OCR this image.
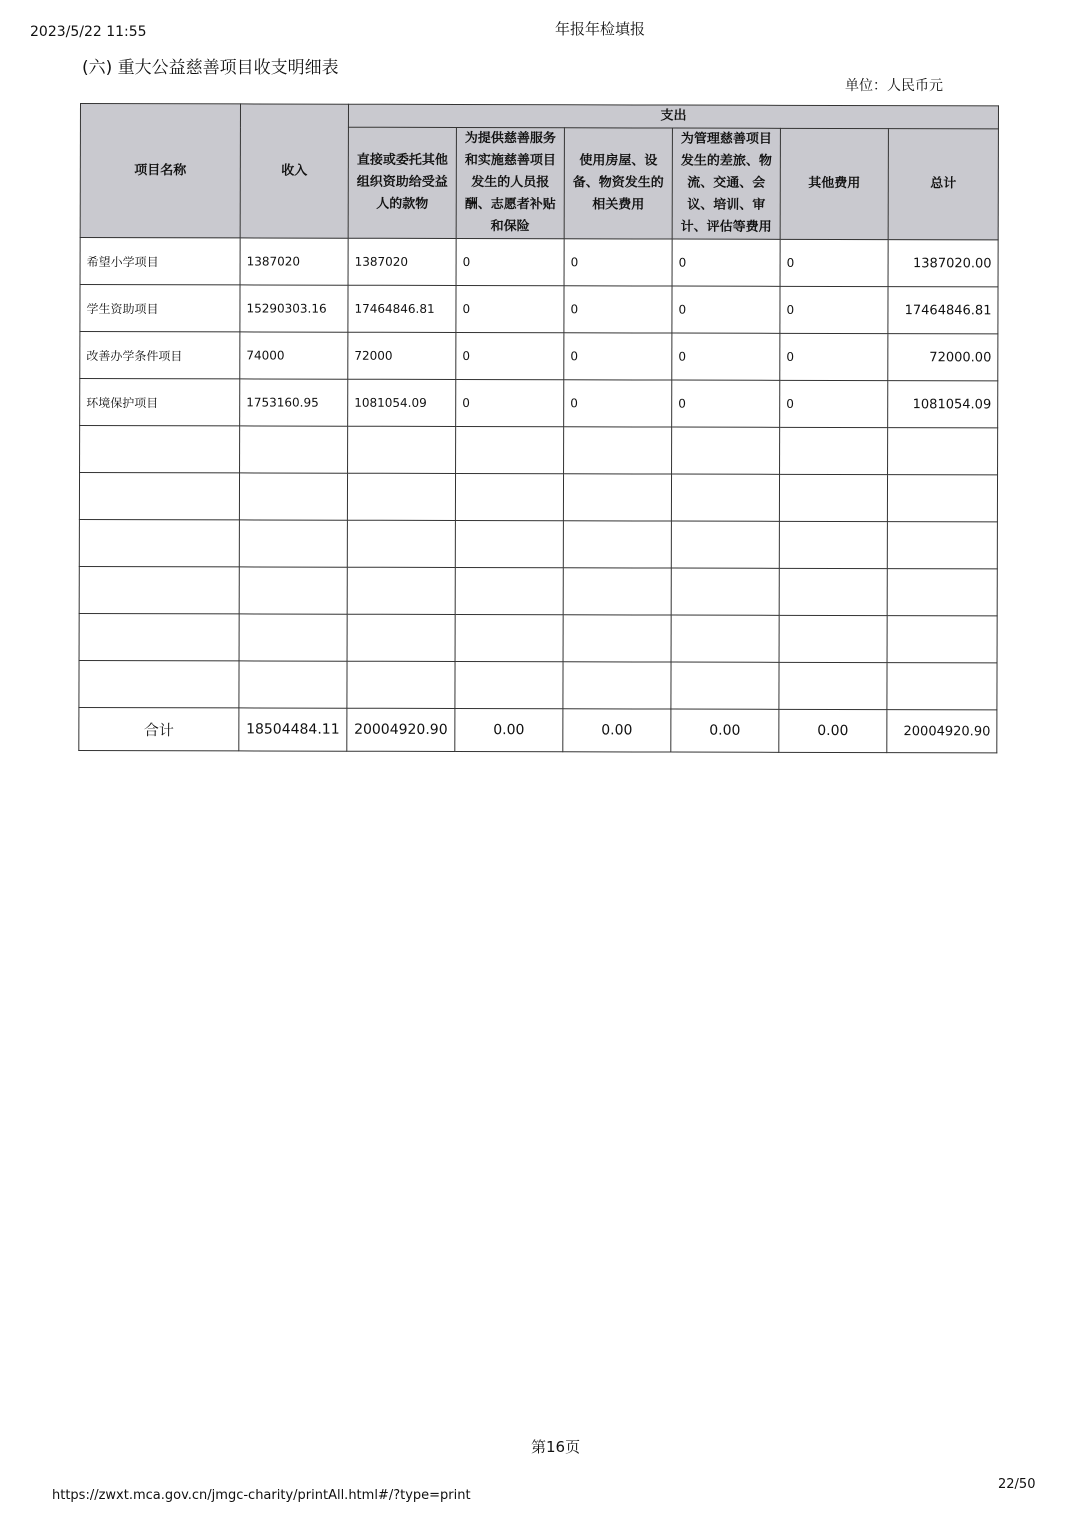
2023/5/22 11:55	年报年检填报
(六) 重大公益慈善项目收支明细表
单位：人民币元
项目名称	收入	支出					
		直接或委托其他组织资助给受益人的款物	为提供慈善服务和实施慈善项目发生的人员报酬、志愿者补贴和保险	使用房屋、设备、物资发生的相关费用	为管理慈善项目发生的差旅、物流、交通、会议、培训、审计、评估等费用	其他费用	总计
希望小学项目	1387020	1387020	0	0	0	0	1387020.00
学生资助项目	15290303.16	17464846.81	0	0	0	0	17464846.81
改善办学条件项目	74000	72000	0	0	0	0	72000.00
环境保护项目	1753160.95	1081054.09	0	0	0	0	1081054.09

合计	18504484.11	20004920.90	0.00	0.00	0.00	0.00	20004920.90
第16页
https://zwxt.mca.gov.cn/jmgc-charity/printAll.html#/?type=print
22/50
